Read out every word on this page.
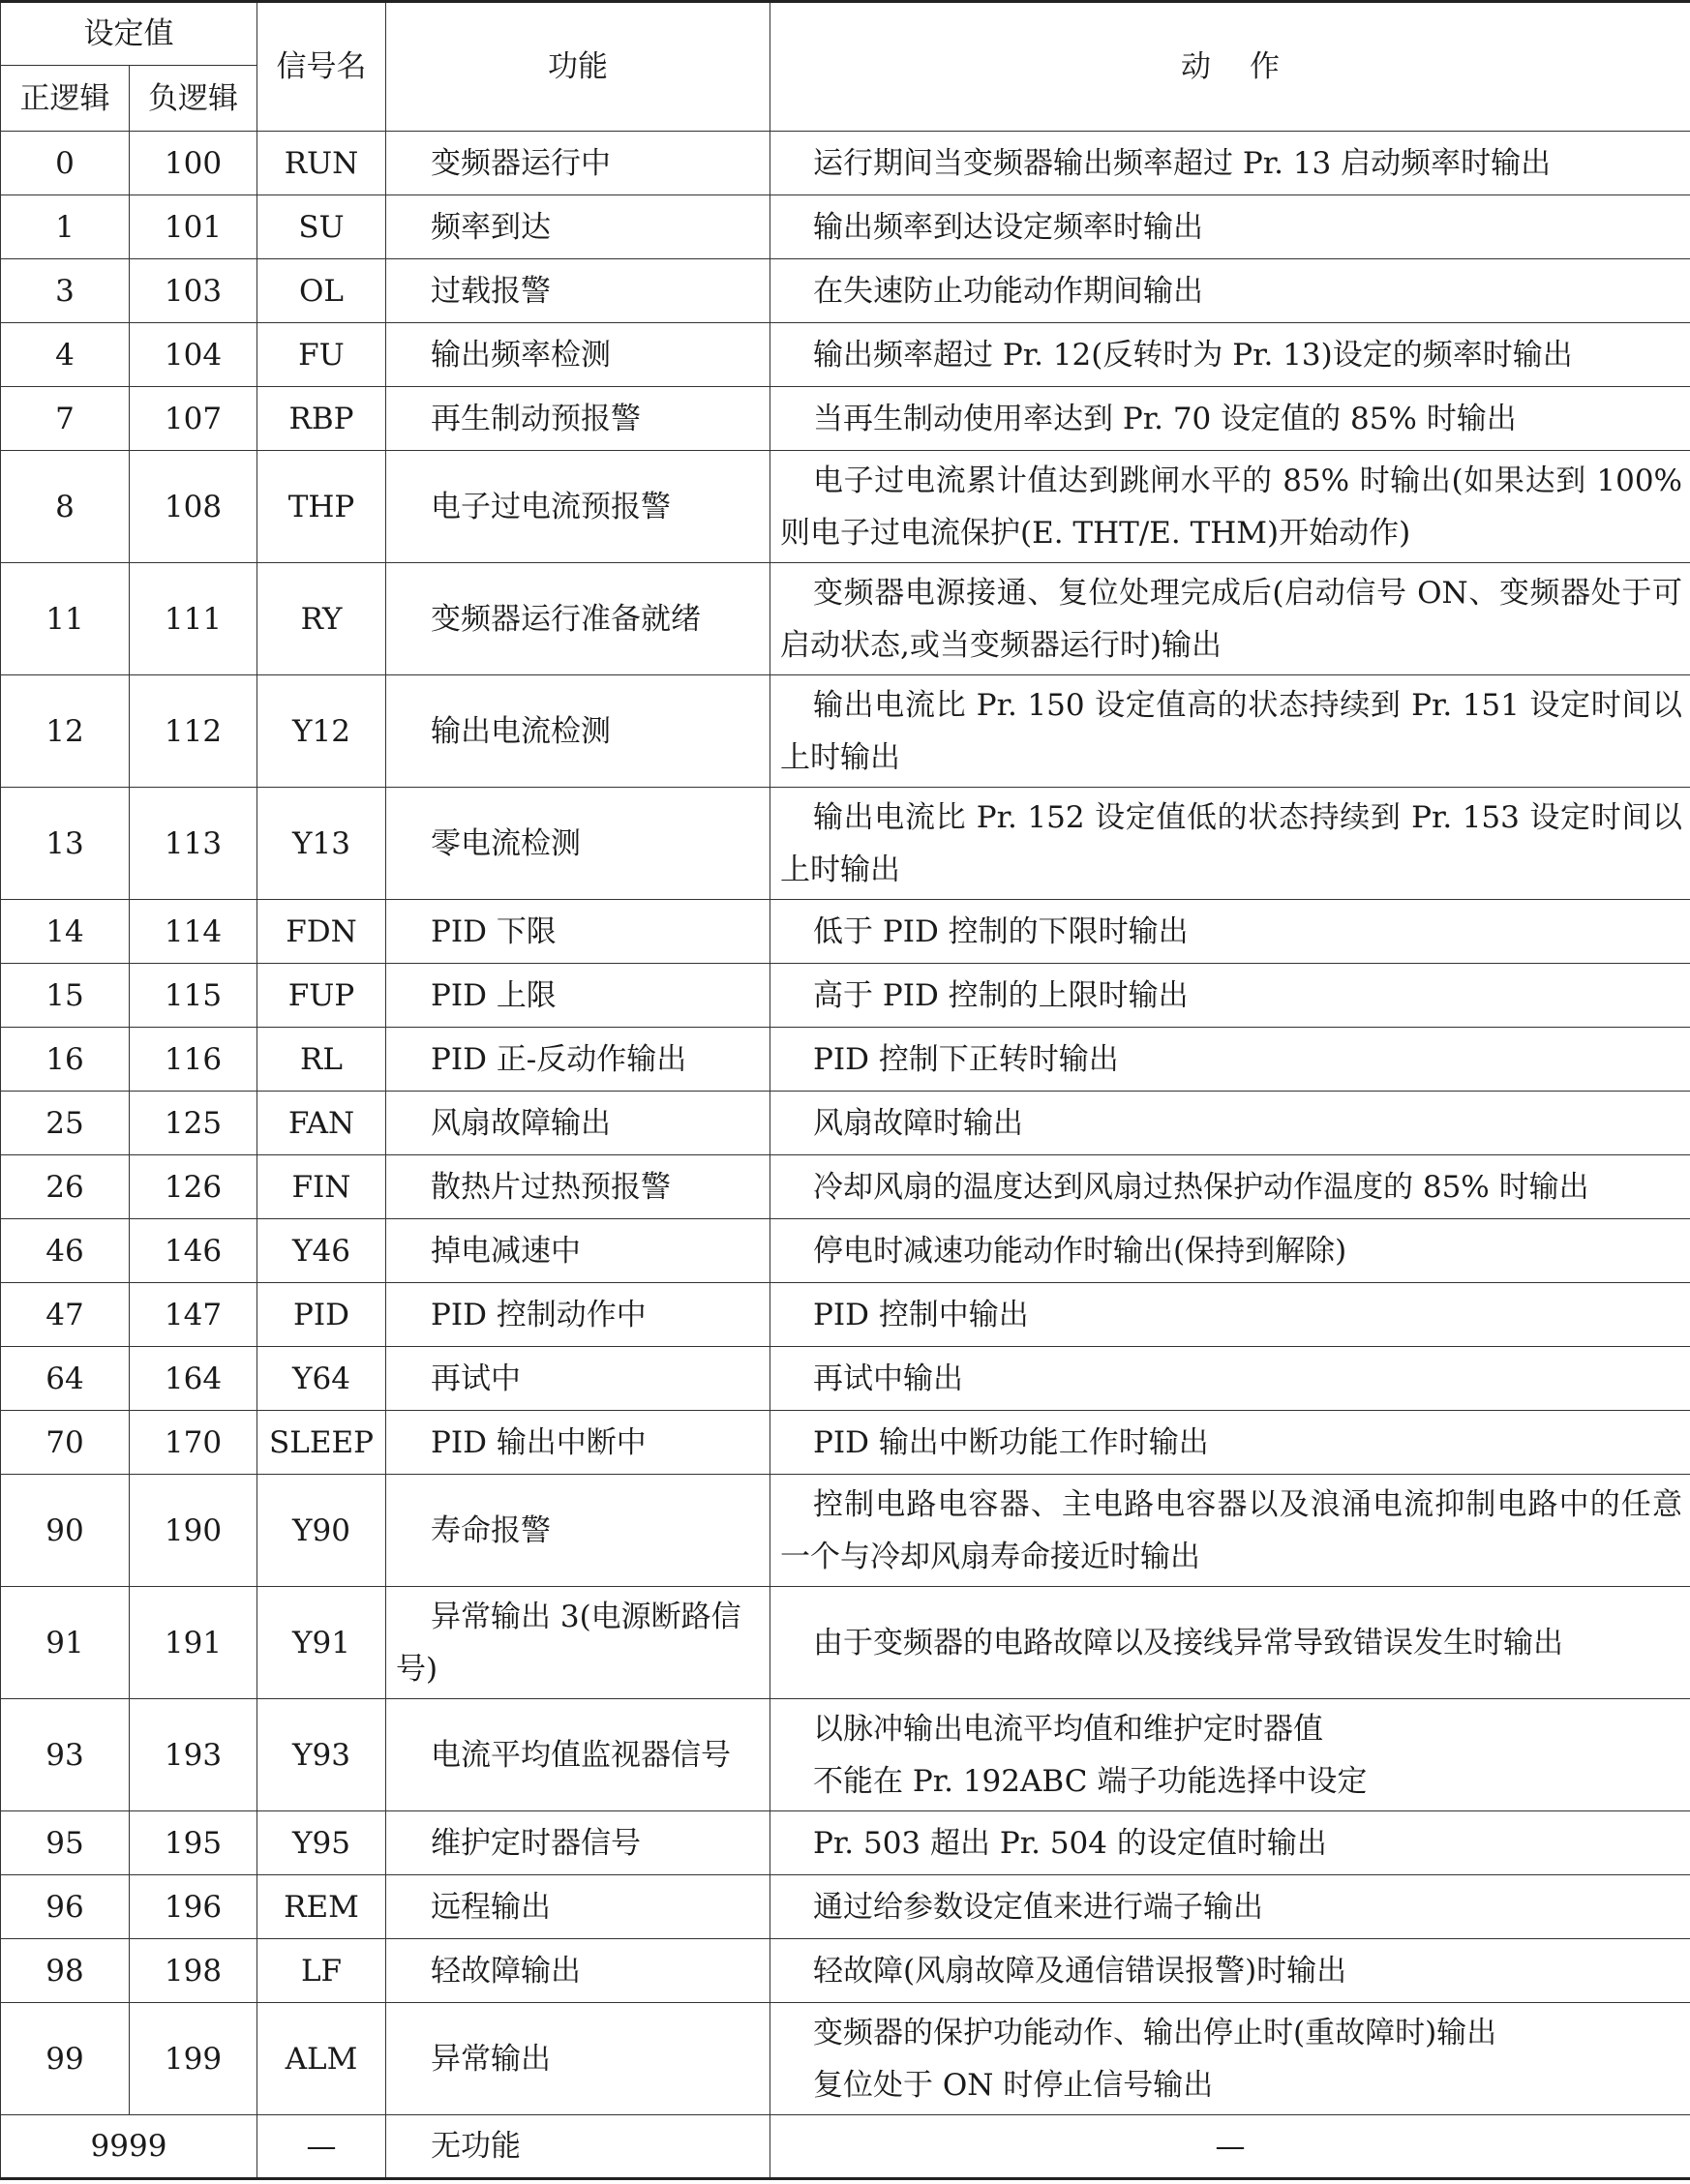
设定值		信号名	功能	动作
正逻辑	负逻辑			
0	100	RUN	变频器运行中	运行期间当变频器输出频率超过 Pr. 13 启动频率时输出
1	101	SU	频率到达	输出频率到达设定频率时输出
3	103	OL	过载报警	在失速防止功能动作期间输出
4	104	FU	输出频率检测	输出频率超过 Pr. 12(反转时为 Pr. 13)设定的频率时输出
7	107	RBP	再生制动预报警	当再生制动使用率达到 Pr. 70 设定值的 85% 时输出
8	108	THP	电子过电流预报警	电子过电流累计值达到跳闸水平的 85% 时输出(如果达到 100% 则电子过电流保护(E. THT/E. THM)开始动作)
11	111	RY	变频器运行准备就绪	变频器电源接通、复位处理完成后(启动信号 ON、变频器处于可启动状态,或当变频器运行时)输出
12	112	Y12	输出电流检测	输出电流比 Pr. 150 设定值高的状态持续到 Pr. 151 设定时间以上时输出
13	113	Y13	零电流检测	输出电流比 Pr. 152 设定值低的状态持续到 Pr. 153 设定时间以上时输出
14	114	FDN	PID 下限	低于 PID 控制的下限时输出
15	115	FUP	PID 上限	高于 PID 控制的上限时输出
16	116	RL	PID 正-反动作输出	PID 控制下正转时输出
25	125	FAN	风扇故障输出	风扇故障时输出
26	126	FIN	散热片过热预报警	冷却风扇的温度达到风扇过热保护动作温度的 85% 时输出
46	146	Y46	掉电减速中	停电时减速功能动作时输出(保持到解除)
47	147	PID	PID 控制动作中	PID 控制中输出
64	164	Y64	再试中	再试中输出
70	170	SLEEP	PID 输出中断中	PID 输出中断功能工作时输出
90	190	Y90	寿命报警	控制电路电容器、主电路电容器以及浪涌电流抑制电路中的任意一个与冷却风扇寿命接近时输出
91	191	Y91	异常输出 3(电源断路信号)	由于变频器的电路故障以及接线异常导致错误发生时输出
93	193	Y93	电流平均值监视器信号	以脉冲输出电流平均值和维护定时器值
不能在 Pr. 192ABC 端子功能选择中设定

95	195	Y95	维护定时器信号	Pr. 503 超出 Pr. 504 的设定值时输出
96	196	REM	远程输出	通过给参数设定值来进行端子输出
98	198	LF	轻故障输出	轻故障(风扇故障及通信错误报警)时输出
99	199	ALM	异常输出	变频器的保护功能动作、输出停止时(重故障时)输出
复位处于 ON 时停止信号输出

9999		—	无功能	—
